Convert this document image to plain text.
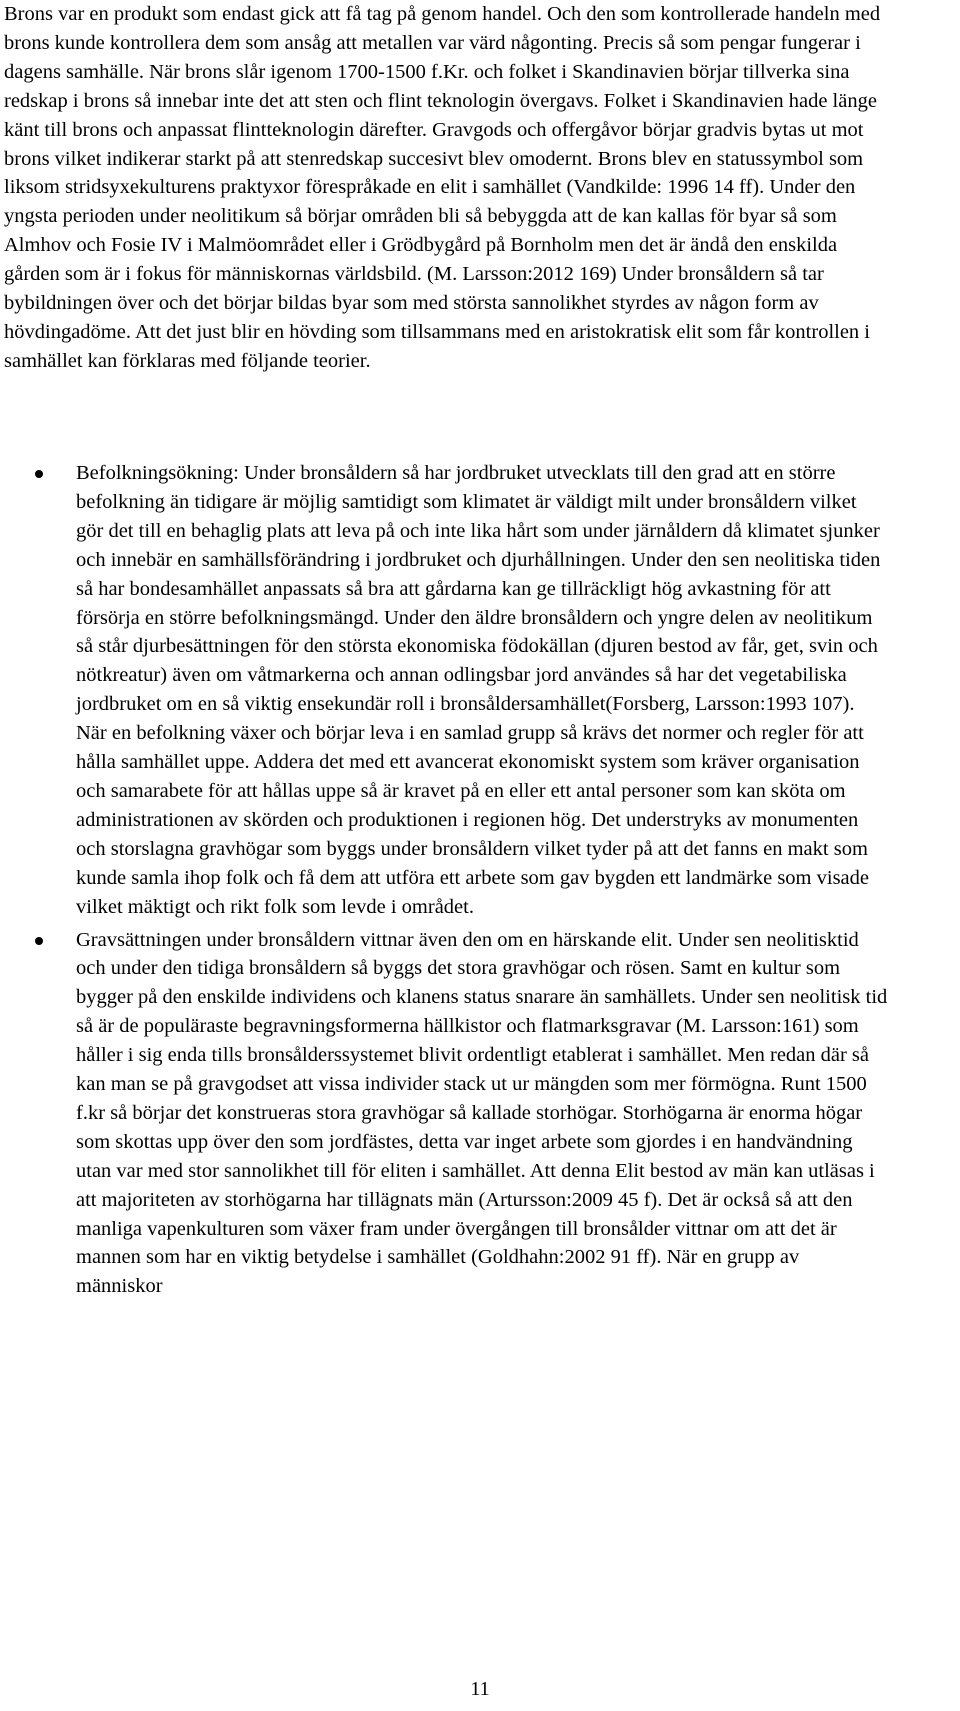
Brons var en produkt som endast gick att få tag på genom handel. Och den som kontrollerade handeln med brons kunde kontrollera dem som ansåg att metallen var värd någonting. Precis så som pengar fungerar i dagens samhälle. När brons slår igenom 1700-1500 f.Kr. och folket i Skandinavien börjar tillverka sina redskap i brons så innebar inte det att sten och flint teknologin övergavs. Folket i Skandinavien hade länge känt till brons och anpassat flintteknologin därefter. Gravgods och offergåvor börjar gradvis bytas ut mot brons vilket indikerar starkt på att stenredskap succesivt blev omodernt. Brons blev en statussymbol som liksom stridsyxekulturens praktyxor förespråkade en elit i samhället (Vandkilde: 1996 14 ff). Under den yngsta perioden under neolitikum så börjar områden bli så bebyggda att de kan kallas för byar så som Almhov och Fosie IV i Malmöområdet eller i Grödbygård på Bornholm men det är ändå den enskilda gården som är i fokus för människornas världsbild. (M. Larsson:2012 169) Under bronsåldern så tar bybildningen över och det börjar bildas byar som med största sannolikhet styrdes av någon form av hövdingadöme. Att det just blir en hövding som tillsammans med en aristokratisk elit som får kontrollen i samhället kan förklaras med följande teorier.

Befolkningsökning: Under bronsåldern så har jordbruket utvecklats till den grad att en större befolkning än tidigare är möjlig samtidigt som klimatet är väldigt milt under bronsåldern vilket gör det till en behaglig plats att leva på och inte lika hårt som under järnåldern då klimatet sjunker och innebär en samhällsförändring i jordbruket och djurhållningen. Under den sen neolitiska tiden så har bondesamhället anpassats så bra att gårdarna kan ge tillräckligt hög avkastning för att försörja en större befolkningsmängd. Under den äldre bronsåldern och yngre delen av neolitikum så står djurbesättningen för den största ekonomiska födokällan (djuren bestod av får, get, svin och nötkreatur) även om våtmarkerna och annan odlingsbar jord användes så har det vegetabiliska jordbruket om en så viktig ensekundär roll i bronsåldersamhället(Forsberg, Larsson:1993 107). När en befolkning växer och börjar leva i en samlad grupp så krävs det normer och regler för att hålla samhället uppe. Addera det med ett avancerat ekonomiskt system som kräver organisation och samarabete för att hållas uppe så är kravet på en eller ett antal personer som kan sköta om administrationen av skörden och produktionen i regionen hög. Det understryks av monumenten och storslagna gravhögar som byggs under bronsåldern vilket tyder på att det fanns en makt som kunde samla ihop folk och få dem att utföra ett arbete som gav bygden ett landmärke som visade vilket mäktigt och rikt folk som levde i området.
Gravsättningen under bronsåldern vittnar även den om en härskande elit. Under sen neolitisktid och under den tidiga bronsåldern så byggs det stora gravhögar och rösen. Samt en kultur som bygger på den enskilde individens och klanens status snarare än samhällets. Under sen neolitisk tid så är de populäraste begravningsformerna hällkistor och flatmarksgravar (M. Larsson:161) som håller i sig enda tills bronsålderssystemet blivit ordentligt etablerat i samhället. Men redan där så kan man se på gravgodset att vissa individer stack ut ur mängden som mer förmögna. Runt 1500 f.kr så börjar det konstrueras stora gravhögar så kallade storhögar. Storhögarna är enorma högar som skottas upp över den som jordfästes, detta var inget arbete som gjordes i en handvändning utan var med stor sannolikhet till för eliten i samhället. Att denna Elit bestod av män kan utläsas i att majoriteten av storhögarna har tillägnats män (Artursson:2009 45 f). Det är också så att den manliga vapenkulturen som växer fram under övergången till bronsålder vittnar om att det är mannen som har en viktig betydelse i samhället (Goldhahn:2002 91 ff). När en grupp av människor
11
